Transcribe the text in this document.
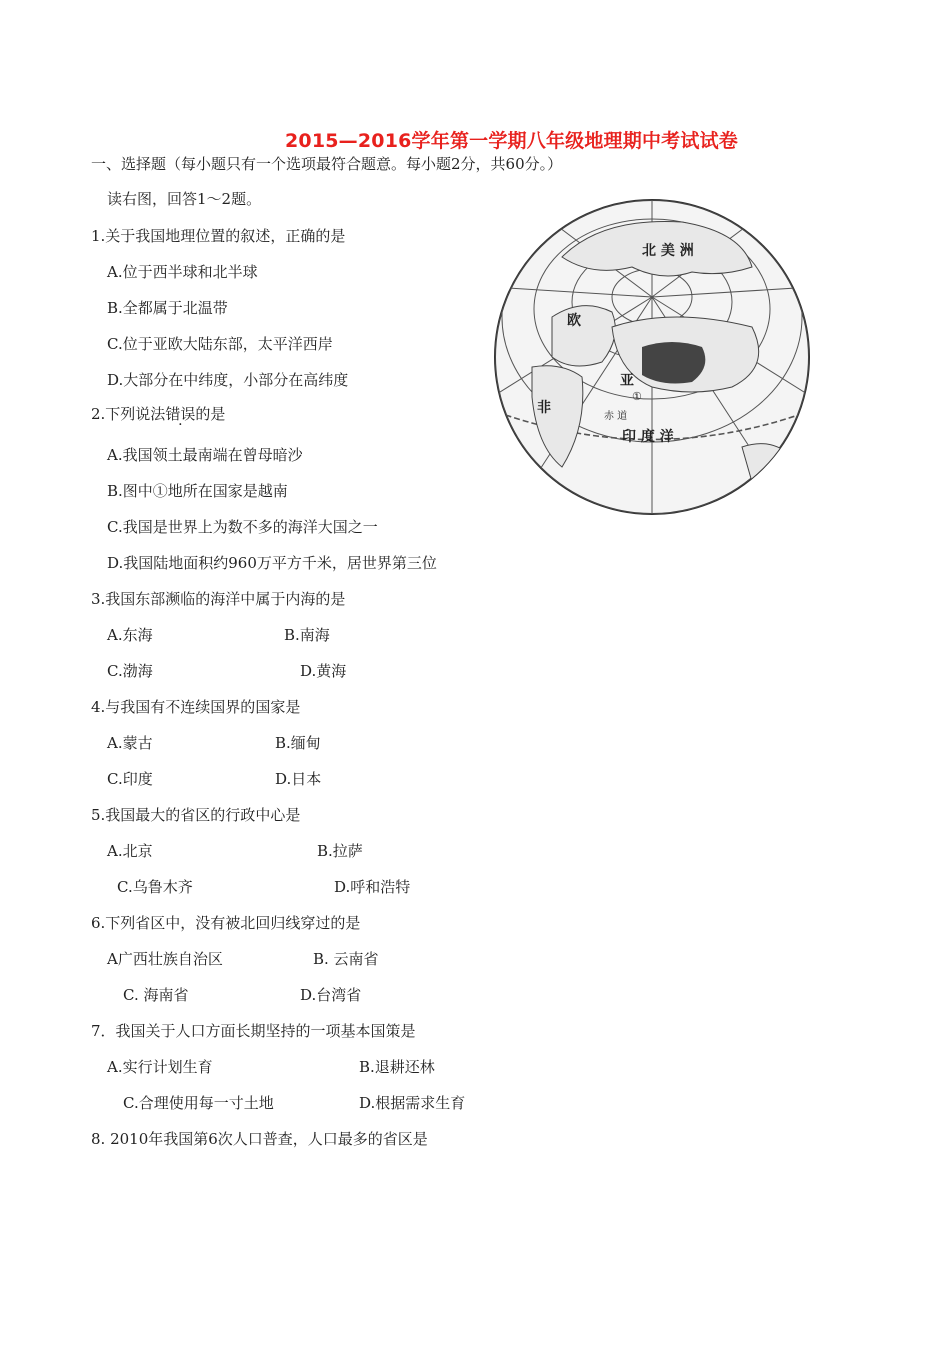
2015—2016学年第一学期八年级地理期中考试试卷
一、选择题（每小题只有一个选项最符合题意。每小题2分，共60分。）
读右图，回答1～2题。
1.关于我国地理位置的叙述，正确的是
A.位于西半球和北半球
B.全都属于北温带
C.位于亚欧大陆东部，太平洋西岸
D.大部分在中纬度，小部分在高纬度
2.下列说法错误的是
A.我国领土最南端在曾母暗沙
B.图中①地所在国家是越南
C.我国是世界上为数不多的海洋大国之一
D.我国陆地面积约960万平方千米，居世界第三位
3.我国东部濒临的海洋中属于内海的是
A.东海	B.南海
C.渤海	D.黄海
4.与我国有不连续国界的国家是
A.蒙古	B.缅甸
C.印度	D.日本
5.我国最大的省区的行政中心是
A.北京	B.拉萨
C.乌鲁木齐	D.呼和浩特
6.下列省区中，没有被北回归线穿过的是
A广西壮族自治区	B. 云南省
C. 海南省	D.台湾省
7．我国关于人口方面长期坚持的一项基本国策是
A.实行计划生育	B.退耕还林
C.合理使用每一寸土地	D.根据需求生育
8. 2010年我国第6次人口普查，人口最多的省区是
北 美 洲
欧
亚
非
印 度 洋
赤 道
①
